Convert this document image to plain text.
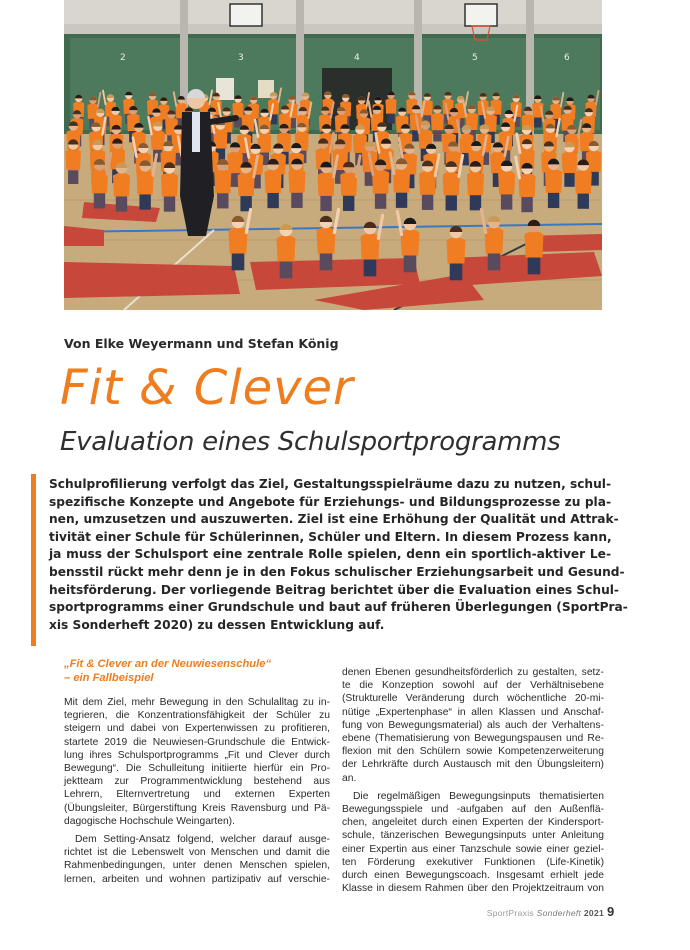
2	3	4	5	6
Von Elke Weyermann und Stefan König
Fit & Clever
Evaluation eines Schulsportprogramms
Schulprofilierung verfolgt das Ziel, Gestaltungsspielräume dazu zu nutzen, schul-
spezifische Konzepte und Angebote für Erziehungs- und Bildungsprozesse zu pla-
nen, umzusetzen und auszuwerten. Ziel ist eine Erhöhung der Qualität und Attrak-
tivität einer Schule für Schülerinnen, Schüler und Eltern. In diesem Prozess kann,
ja muss der Schulsport eine zentrale Rolle spielen, denn ein sportlich-aktiver Le-
bensstil rückt mehr denn je in den Fokus schulischer Erziehungsarbeit und Gesund-
heitsförderung. Der vorliegende Beitrag berichtet über die Evaluation eines Schul-
sportprogramms einer Grundschule und baut auf früheren Überlegungen (SportPra-
xis Sonderheft 2020) zu dessen Entwicklung auf.
„Fit & Clever an der Neuwiesenschule“
– ein Fallbeispiel

Mit dem Ziel, mehr Bewegung in den Schulalltag zu in-
tegrieren, die Konzentrationsfähigkeit der Schüler zu
steigern und dabei von Expertenwissen zu profitieren,
startete 2019 die Neuwiesen-Grundschule die Entwick-
lung ihres Schulsportprogramms „Fit und Clever durch
Bewegung“. Die Schulleitung initiierte hierfür ein Pro-
jektteam zur Programmentwicklung bestehend aus
Lehrern, Elternvertretung und externen Experten
(Übungsleiter, Bürgerstiftung Kreis Ravensburg und Pä-
dagogische Hochschule Weingarten).

Dem Setting-Ansatz folgend, welcher darauf ausge-
richtet ist die Lebenswelt von Menschen und damit die
Rahmenbedingungen, unter denen Menschen spielen,
lernen, arbeiten und wohnen partizipativ auf verschie-

denen Ebenen gesundheitsförderlich zu gestalten, setz-
te die Konzeption sowohl auf der Verhältnisebene
(Strukturelle Veränderung durch wöchentliche 20-mi-
nütige „Expertenphase“ in allen Klassen und Anschaf-
fung von Bewegungsmaterial) als auch der Verhaltens-
ebene (Thematisierung von Bewegungspausen und Re-
flexion mit den Schülern sowie Kompetenzerweiterung
der Lehrkräfte durch Austausch mit den Übungsleitern)
an.

Die regelmäßigen Bewegungsinputs thematisierten
Bewegungsspiele und -aufgaben auf den Außenflä-
chen, angeleitet durch einen Experten der Kindersport-
schule, tänzerischen Bewegungsinputs unter Anleitung
einer Expertin aus einer Tanzschule sowie einer geziel-
ten Förderung exekutiver Funktionen (Life-Kinetik)
durch einen Bewegungscoach. Insgesamt erhielt jede
Klasse in diesem Rahmen über den Projektzeitraum von

SportPraxis Sonderheft 2021 9
